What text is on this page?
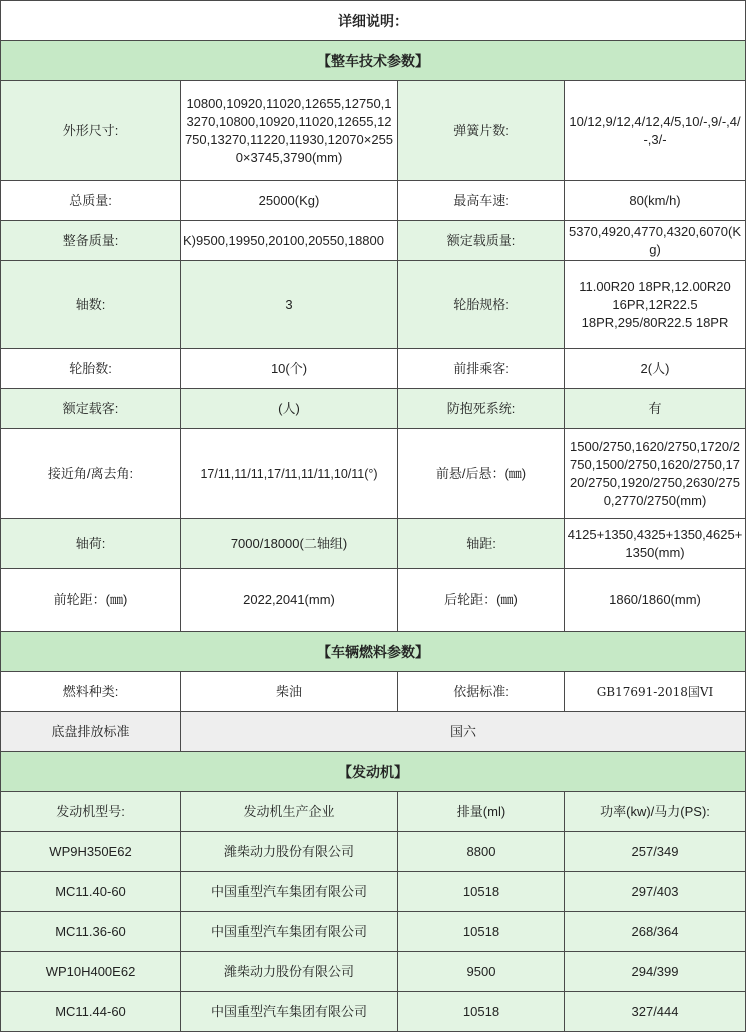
详细说明：			
【整车技术参数】			
外形尺寸:	10800,10920,11020,12655,12750,13270,10800,10920,11020,12655,12750,13270,11220,11930,12070×2550×3745,3790(mm)	弹簧片数:	10/12,9/12,4/12,4/5,10/-,9/-,4/-,3/-
总质量:	25000(Kg)	最高车速:	80(km/h)
整备质量:	9500,19950,20100,20550,18800(K	额定载质量:	5370,4920,4770,4320,6070(Kg)
轴数:	3	轮胎规格:	11.00R20 18PR,12.00R20 16PR,12R22.5 18PR,295/80R22.5 18PR
轮胎数:	10(个)	前排乘客:	2(人)
额定载客:	(人)	防抱死系统:	有
接近角/离去角:	17/11,11/11,17/11,11/11,10/11(°)	前悬/后悬：(㎜)	1500/2750,1620/2750,1720/2750,1500/2750,1620/2750,1720/2750,1920/2750,2630/2750,2770/2750(mm)
轴荷:	7000/18000(二轴组)	轴距:	4125+1350,4325+1350,4625+1350(mm)
前轮距：(㎜)	2022,2041(mm)	后轮距：(㎜)	1860/1860(mm)
【车辆燃料参数】			
燃料种类:	柴油	依据标准:	GB17691-2018国VI
底盘排放标准	国六		
【发动机】			
发动机型号:	发动机生产企业	排量(ml)	功率(kw)/马力(PS):
WP9H350E62	潍柴动力股份有限公司	8800	257/349
MC11.40-60	中国重型汽车集团有限公司	10518	297/403
MC11.36-60	中国重型汽车集团有限公司	10518	268/364
WP10H400E62	潍柴动力股份有限公司	9500	294/399
MC11.44-60	中国重型汽车集团有限公司	10518	327/444
